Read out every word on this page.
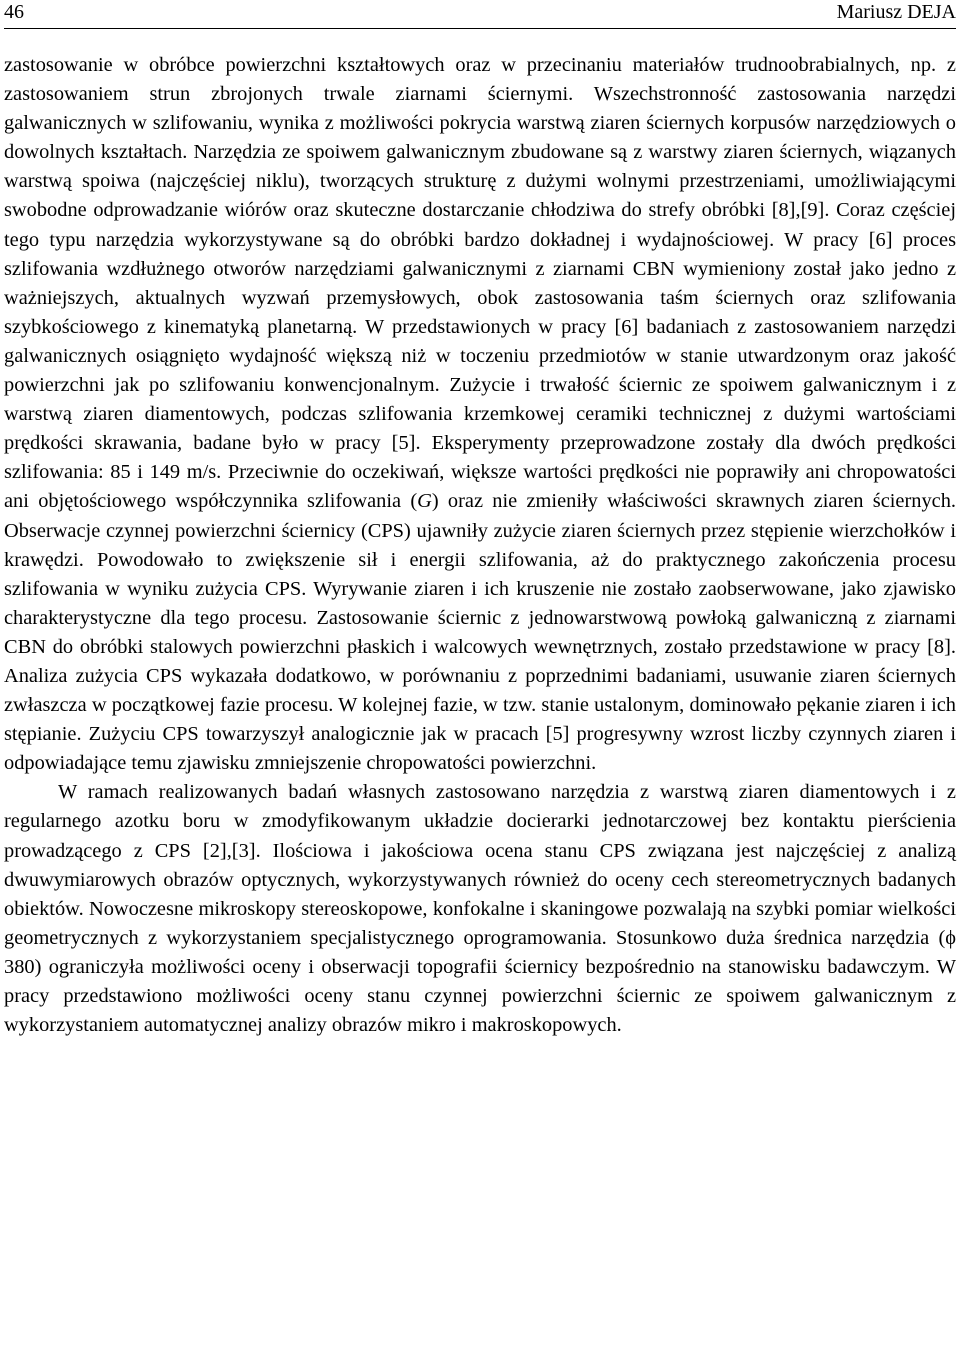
46	Mariusz DEJA

zastosowanie w obróbce powierzchni kształtowych oraz w przecinaniu materiałów trudnoobrabialnych, np. z zastosowaniem strun zbrojonych trwale ziarnami ściernymi. Wszechstronność zastosowania narzędzi galwanicznych w szlifowaniu, wynika z możliwości pokrycia warstwą ziaren ściernych korpusów narzędziowych o dowolnych kształtach. Narzędzia ze spoiwem galwanicznym zbudowane są z warstwy ziaren ściernych, wiązanych warstwą spoiwa (najczęściej niklu), tworzących strukturę z dużymi wolnymi przestrzeniami, umożliwiającymi swobodne odprowadzanie wiórów oraz skuteczne dostarczanie chłodziwa do strefy obróbki [8],[9]. Coraz częściej tego typu narzędzia wykorzystywane są do obróbki bardzo dokładnej i wydajnościowej. W pracy [6] proces szlifowania wzdłużnego otworów narzędziami galwanicznymi z ziarnami CBN wymieniony został jako jedno z ważniejszych, aktualnych wyzwań przemysłowych, obok zastosowania taśm ściernych oraz szlifowania szybkościowego z kinematyką planetarną. W przedstawionych w pracy [6] badaniach z zastosowaniem narzędzi galwanicznych osiągnięto wydajność większą niż w toczeniu przedmiotów w stanie utwardzonym oraz jakość powierzchni jak po szlifowaniu konwencjonalnym. Zużycie i trwałość ściernic ze spoiwem galwanicznym i z warstwą ziaren diamentowych, podczas szlifowania krzemkowej ceramiki technicznej z dużymi wartościami prędkości skrawania, badane było w pracy [5]. Eksperymenty przeprowadzone zostały dla dwóch prędkości szlifowania: 85 i 149 m/s. Przeciwnie do oczekiwań, większe wartości prędkości nie poprawiły ani chropowatości ani objętościowego współczynnika szlifowania (G) oraz nie zmieniły właściwości skrawnych ziaren ściernych. Obserwacje czynnej powierzchni ściernicy (CPS) ujawniły zużycie ziaren ściernych przez stępienie wierzchołków i krawędzi. Powodowało to zwiększenie sił i energii szlifowania, aż do praktycznego zakończenia procesu szlifowania w wyniku zużycia CPS. Wyrywanie ziaren i ich kruszenie nie zostało zaobserwowane, jako zjawisko charakterystyczne dla tego procesu. Zastosowanie ściernic z jednowarstwową powłoką galwaniczną z ziarnami CBN do obróbki stalowych powierzchni płaskich i walcowych wewnętrznych, zostało przedstawione w pracy [8]. Analiza zużycia CPS wykazała dodatkowo, w porównaniu z poprzednimi badaniami, usuwanie ziaren ściernych zwłaszcza w początkowej fazie procesu. W kolejnej fazie, w tzw. stanie ustalonym, dominowało pękanie ziaren i ich stępianie. Zużyciu CPS towarzyszył analogicznie jak w pracach [5] progresywny wzrost liczby czynnych ziaren i odpowiadające temu zjawisku zmniejszenie chropowatości powierzchni.

W ramach realizowanych badań własnych zastosowano narzędzia z warstwą ziaren diamentowych i z regularnego azotku boru w zmodyfikowanym układzie docierarki jednotarczowej bez kontaktu pierścienia prowadzącego z CPS [2],[3]. Ilościowa i jakościowa ocena stanu CPS związana jest najczęściej z analizą dwuwymiarowych obrazów optycznych, wykorzystywanych również do oceny cech stereometrycznych badanych obiektów. Nowoczesne mikroskopy stereoskopowe, konfokalne i skaningowe pozwalają na szybki pomiar wielkości geometrycznych z wykorzystaniem specjalistycznego oprogramowania. Stosunkowo duża średnica narzędzia (ϕ 380) ograniczyła możliwości oceny i obserwacji topografii ściernicy bezpośrednio na stanowisku badawczym. W pracy przedstawiono możliwości oceny stanu czynnej powierzchni ściernic ze spoiwem galwanicznym z wykorzystaniem automatycznej analizy obrazów mikro i makroskopowych.
